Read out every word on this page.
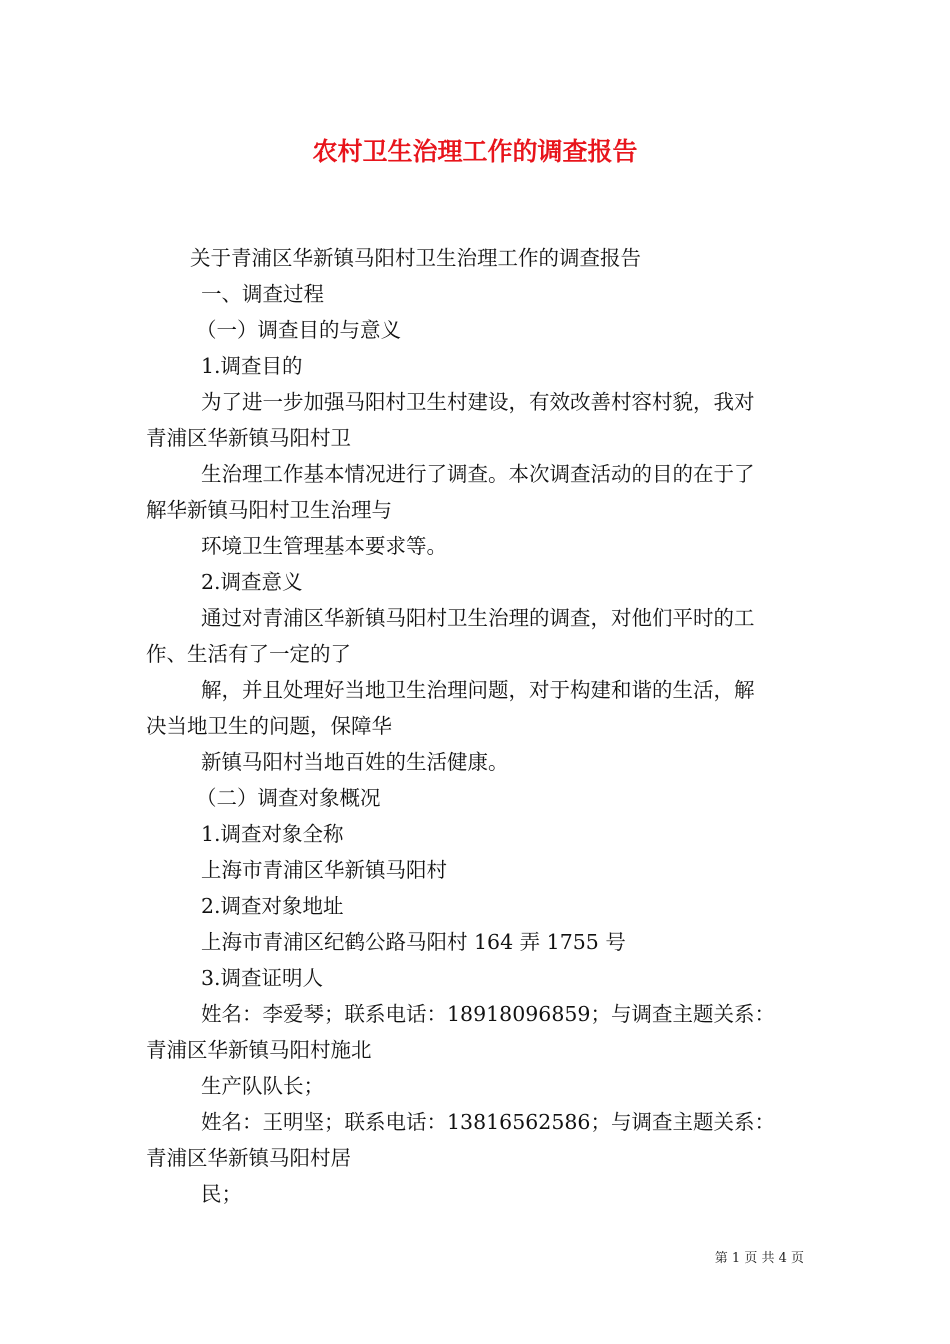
农村卫生治理工作的调查报告
关于青浦区华新镇马阳村卫生治理工作的调查报告
一、调查过程
（一）调查目的与意义
1.调查目的
为了进一步加强马阳村卫生村建设，有效改善村容村貌，我对
青浦区华新镇马阳村卫
生治理工作基本情况进行了调查。本次调查活动的目的在于了
解华新镇马阳村卫生治理与
环境卫生管理基本要求等。
2.调查意义
通过对青浦区华新镇马阳村卫生治理的调查，对他们平时的工
作、生活有了一定的了
解，并且处理好当地卫生治理问题，对于构建和谐的生活，解
决当地卫生的问题，保障华
新镇马阳村当地百姓的生活健康。
（二）调查对象概况
1.调查对象全称
上海市青浦区华新镇马阳村
2.调查对象地址
上海市青浦区纪鹤公路马阳村 164 弄 1755 号
3.调查证明人
姓名：李爱琴；联系电话：18918096859；与调查主题关系：
青浦区华新镇马阳村施北
生产队队长；
姓名：王明坚；联系电话：13816562586；与调查主题关系：
青浦区华新镇马阳村居
民；
第 1 页 共 4 页
